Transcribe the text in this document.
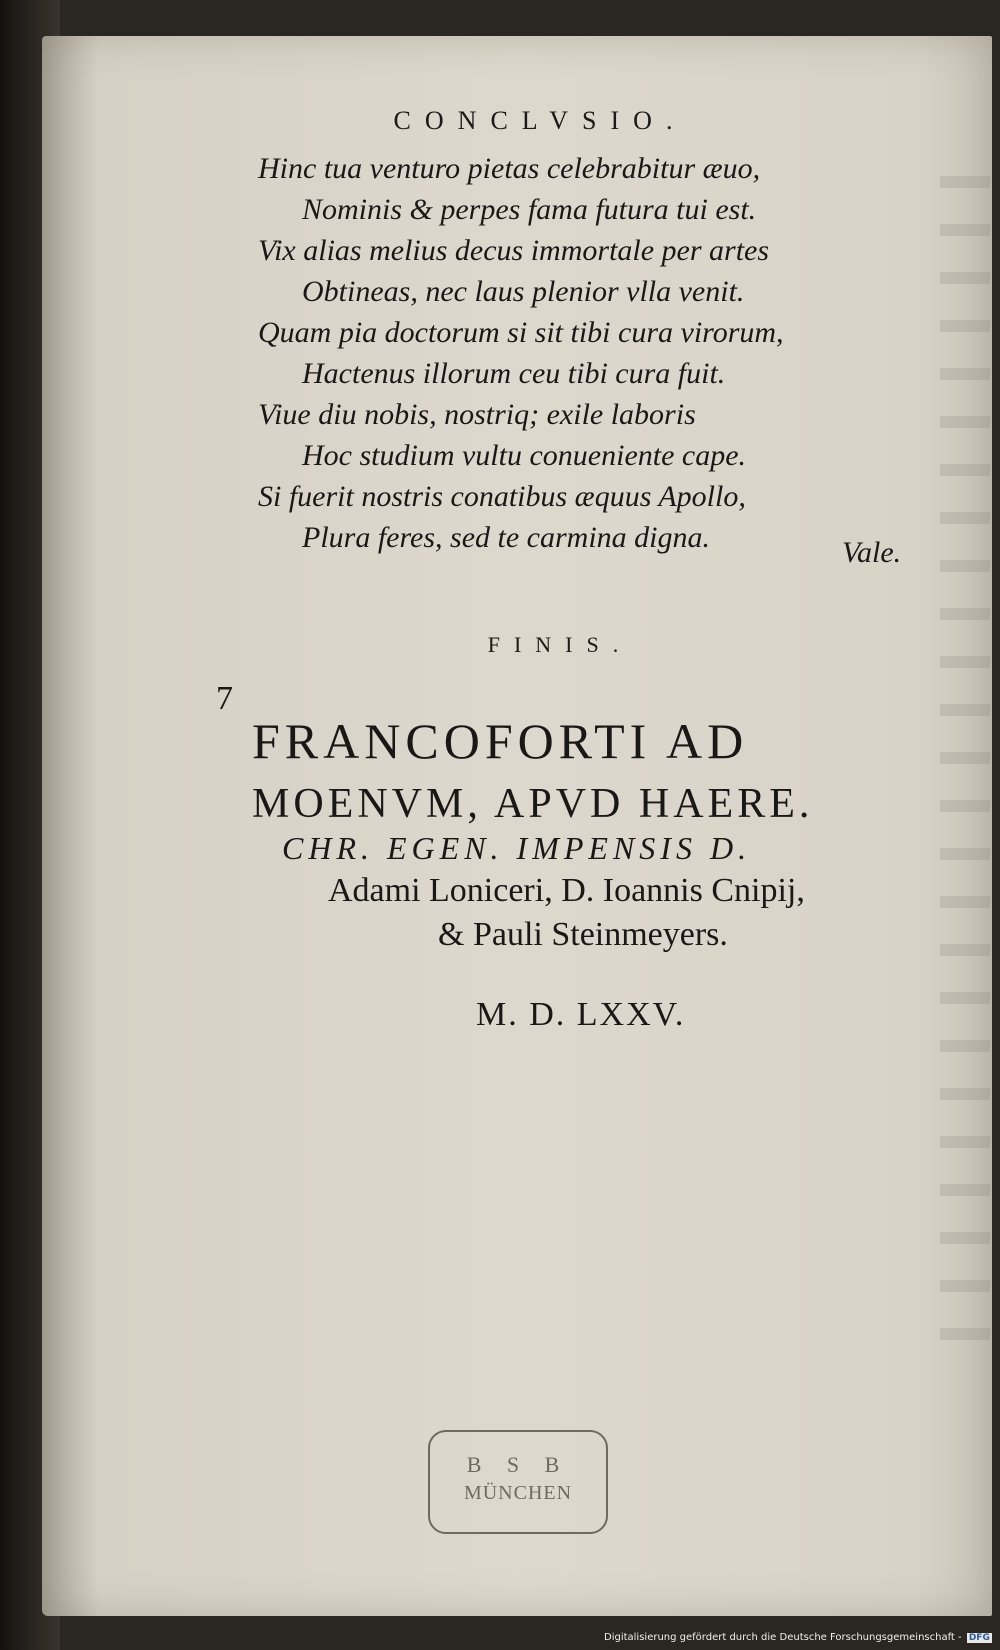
CONCLVSIO.
Hinc tua venturo pietas celebrabitur æuo,
Nominis & perpes fama futura tui est.
Vix alias melius decus immortale per artes
Obtineas, nec laus plenior vlla venit.
Quam pia doctorum si sit tibi cura virorum,
Hactenus illorum ceu tibi cura fuit.
Viue diu nobis, nostriq; exile laboris
Hoc studium vultu conueniente cape.
Si fuerit nostris conatibus æquus Apollo,
Plura feres, sed te carmina digna.	Vale.
FINIS.
7
FRANCOFORTI AD
MOENVM, APVD HAERE.
CHR. EGEN. IMPENSIS D.
Adami Loniceri, D. Ioannis Cnipij,
& Pauli Steinmeyers.
M. D. LXXV.
B S B
MÜNCHEN
Digitalisierung gefördert durch die Deutsche Forschungsgemeinschaft - DFG
